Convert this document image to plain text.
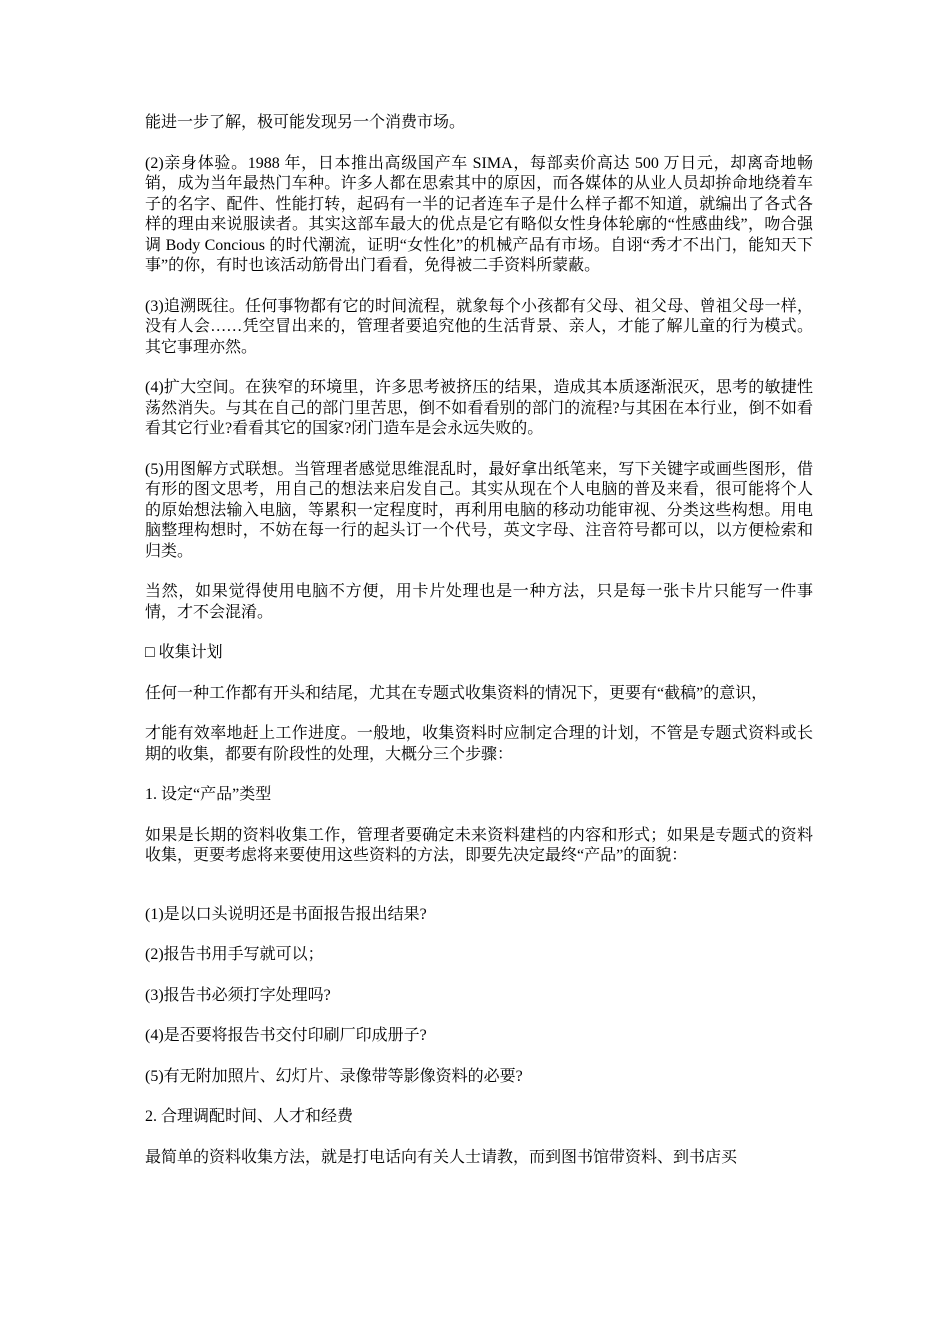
能进一步了解，极可能发现另一个消费市场。

(2)亲身体验。1988 年，日本推出高级国产车 SIMA，每部卖价高达 500 万日元，却离奇地畅销，成为当年最热门车种。许多人都在思索其中的原因，而各媒体的从业人员却拚命地绕着车子的名字、配件、性能打转，起码有一半的记者连车子是什么样子都不知道，就编出了各式各样的理由来说服读者。其实这部车最大的优点是它有略似女性身体轮廓的“性感曲线”，吻合强调 Body Concious 的时代潮流，证明“女性化”的机械产品有市场。自诩“秀才不出门，能知天下事”的你，有时也该活动筋骨出门看看，免得被二手资料所蒙蔽。

(3)追溯既往。任何事物都有它的时间流程，就象每个小孩都有父母、祖父母、曾祖父母一样，没有人会……凭空冒出来的，管理者要追究他的生活背景、亲人，才能了解儿童的行为模式。其它事理亦然。

(4)扩大空间。在狭窄的环境里，许多思考被挤压的结果，造成其本质逐渐泯灭，思考的敏捷性荡然消失。与其在自己的部门里苦思，倒不如看看别的部门的流程?与其困在本行业，倒不如看看其它行业?看看其它的国家?闭门造车是会永远失败的。

(5)用图解方式联想。当管理者感觉思维混乱时，最好拿出纸笔来，写下关键字或画些图形，借有形的图文思考，用自己的想法来启发自己。其实从现在个人电脑的普及来看，很可能将个人的原始想法输入电脑，等累积一定程度时，再利用电脑的移动功能审视、分类这些构想。用电脑整理构想时，不妨在每一行的起头订一个代号，英文字母、注音符号都可以，以方便检索和归类。

当然，如果觉得使用电脑不方便，用卡片处理也是一种方法，只是每一张卡片只能写一件事情，才不会混淆。

□ 收集计划

任何一种工作都有开头和结尾，尤其在专题式收集资料的情况下，更要有“截稿”的意识，

才能有效率地赶上工作进度。一般地，收集资料时应制定合理的计划，不管是专题式资料或长期的收集，都要有阶段性的处理，大概分三个步骤：

1. 设定“产品”类型

如果是长期的资料收集工作，管理者要确定未来资料建档的内容和形式；如果是专题式的资料收集，更要考虑将来要使用这些资料的方法，即要先决定最终“产品”的面貌：

(1)是以口头说明还是书面报告报出结果?

(2)报告书用手写就可以；

(3)报告书必须打字处理吗?

(4)是否要将报告书交付印刷厂印成册子?

(5)有无附加照片、幻灯片、录像带等影像资料的必要?

2. 合理调配时间、人才和经费

最简单的资料收集方法，就是打电话向有关人士请教，而到图书馆带资料、到书店买
